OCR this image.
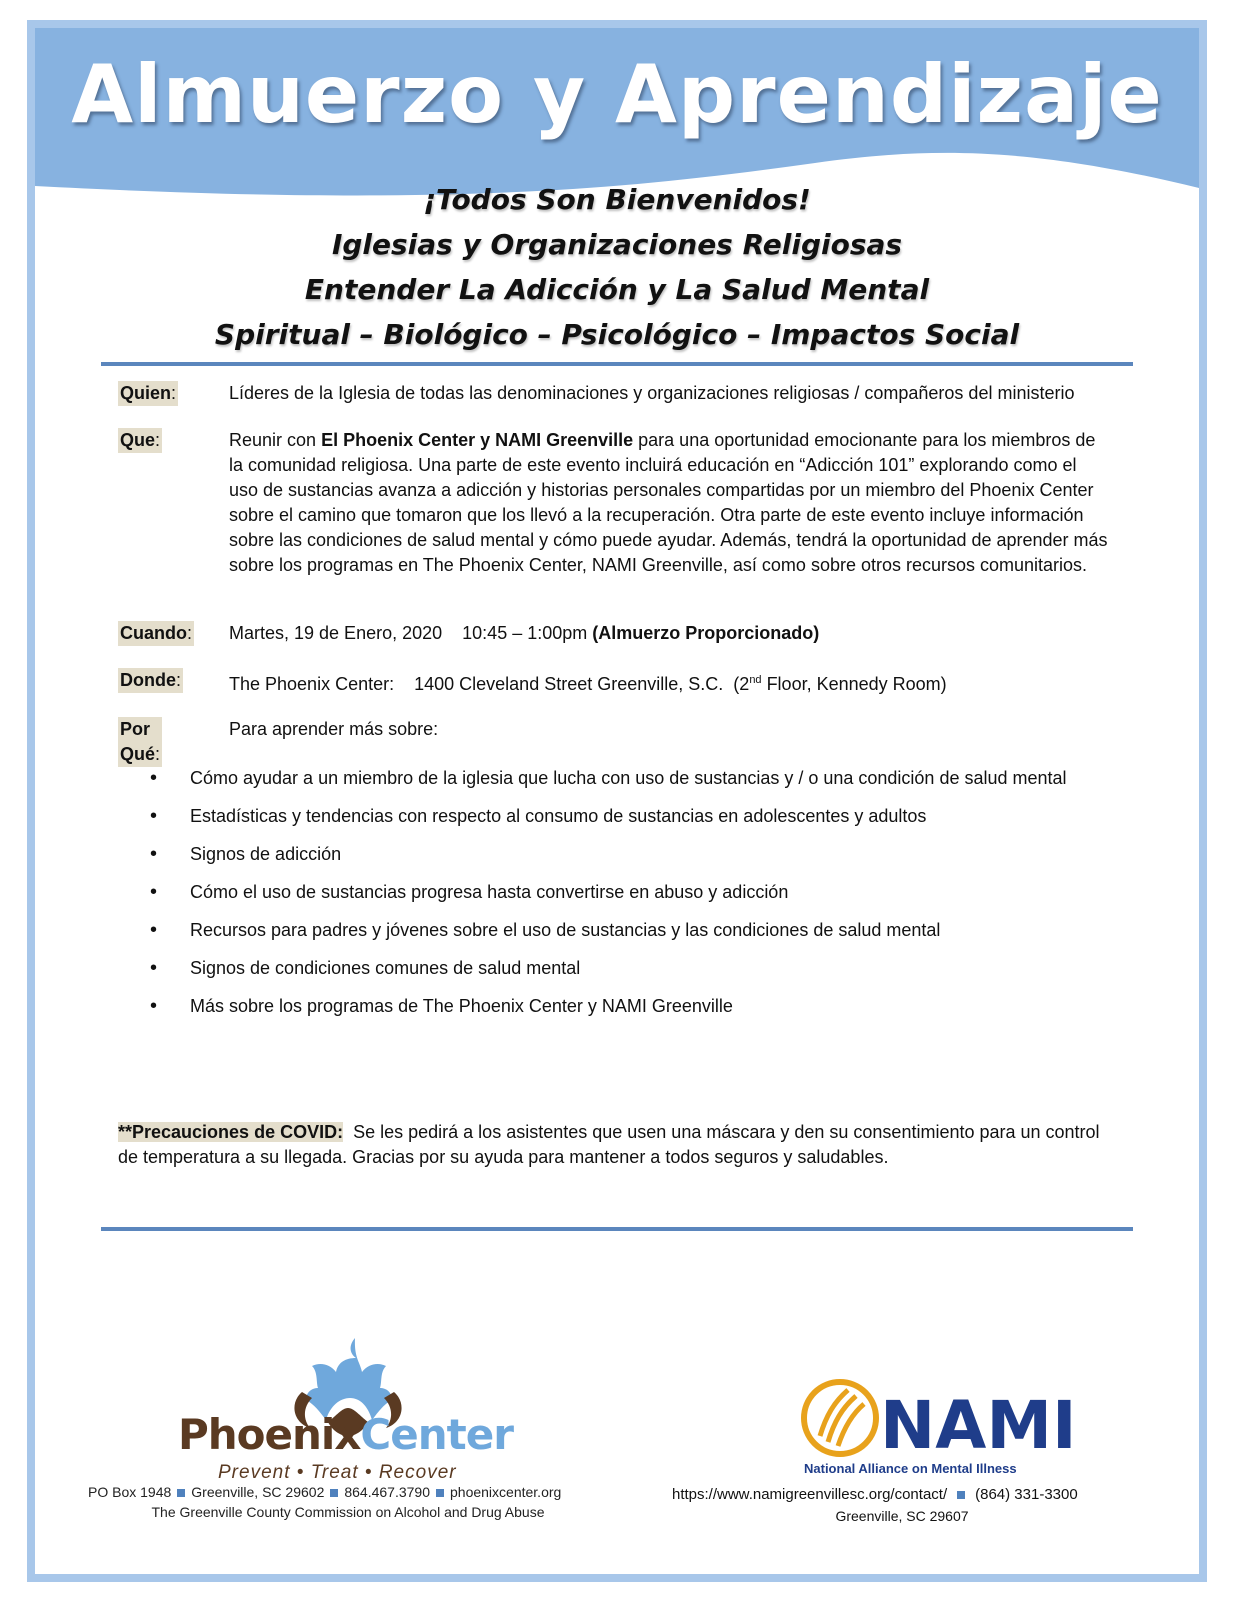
Almuerzo y Aprendizaje
¡Todos Son Bienvenidos!
Iglesias y Organizaciones Religiosas
Entender La Adicción y La Salud Mental
Spiritual – Biológico – Psicológico – Impactos Social
Quien:	Líderes de la Iglesia de todas las denominaciones y organizaciones religiosas / compañeros del ministerio
Que:	Reunir con El Phoenix Center y NAMI Greenville para una oportunidad emocionante para los miembros de la comunidad religiosa. Una parte de este evento incluirá educación en “Adicción 101” explorando como el uso de sustancias avanza a adicción y historias personales compartidas por un miembro del Phoenix Center sobre el camino que tomaron que los llevó a la recuperación. Otra parte de este evento incluye información sobre las condiciones de salud mental y cómo puede ayudar. Además, tendrá la oportunidad de aprender más sobre los programas en The Phoenix Center, NAMI Greenville, así como sobre otros recursos comunitarios.
Cuando: Martes, 19 de Enero, 2020 10:45 – 1:00pm (Almuerzo Proporcionado)
Donde:	The Phoenix Center: 1400 Cleveland Street Greenville, S.C. (2nd Floor, Kennedy Room)
Por Qué:
Para aprender más sobre:
• Cómo ayudar a un miembro de la iglesia que lucha con uso de sustancias y / o una condición de salud mental
• Estadísticas y tendencias con respecto al consumo de sustancias en adolescentes y adultos
• Signos de adicción
• Cómo el uso de sustancias progresa hasta convertirse en abuso y adicción
• Recursos para padres y jóvenes sobre el uso de sustancias y las condiciones de salud mental
• Signos de condiciones comunes de salud mental
• Más sobre los programas de The Phoenix Center y NAMI Greenville
**Precauciones de COVID: Se les pedirá a los asistentes que usen una máscara y den su consentimiento para un control de temperatura a su llegada. Gracias por su ayuda para mantener a todos seguros y saludables.
PhoenixCenter
Prevent • Treat • Recover
PO Box 1948 Greenville, SC 29602 864.467.3790 phoenixcenter.org
The Greenville County Commission on Alcohol and Drug Abuse
NAMI
National Alliance on Mental Illness
https://www.namigreenvillesc.org/contact/ (864) 331-3300
Greenville, SC 29607
